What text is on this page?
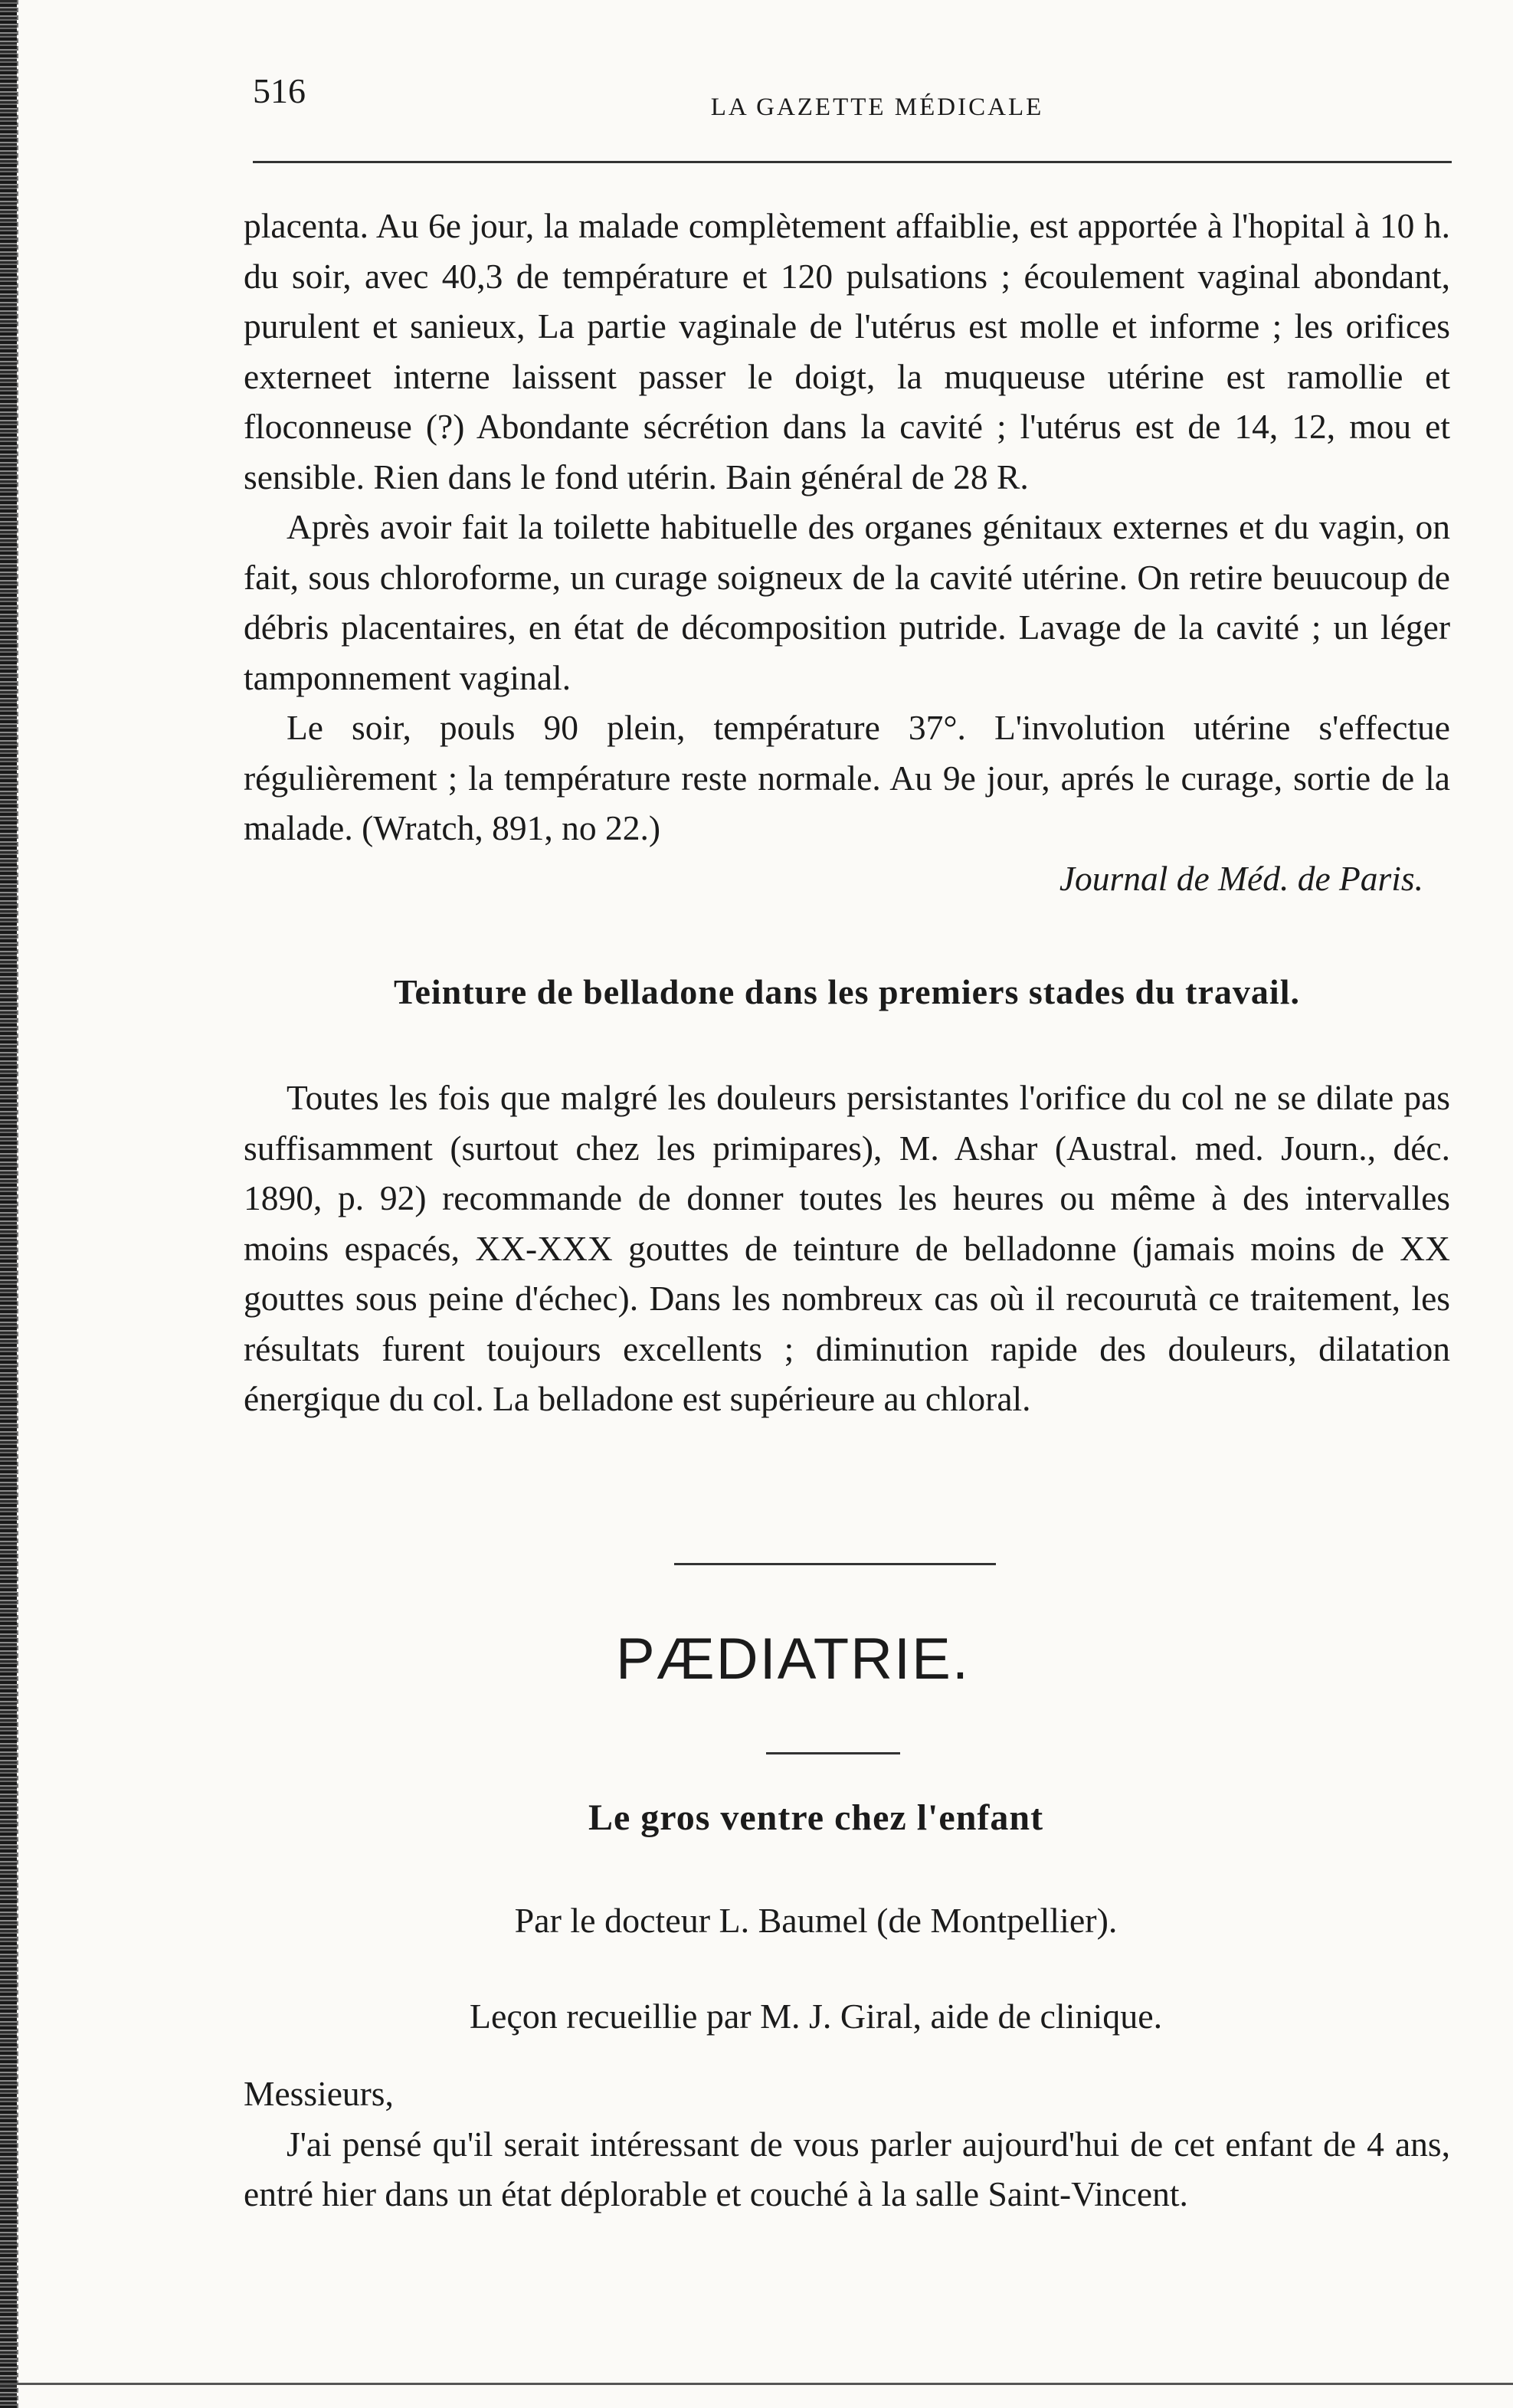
516	LA GAZETTE MÉDICALE

placenta. Au 6e jour, la malade complètement affaiblie, est apportée à l'hopital à 10 h. du soir, avec 40,3 de température et 120 pulsations ; écoulement vaginal abondant, purulent et sanieux, La partie vaginale de l'utérus est molle et informe ; les orifices externeet interne laissent passer le doigt, la muqueuse utérine est ramollie et floconneuse (?) Abondante sécrétion dans la cavité ; l'utérus est de 14, 12, mou et sensible. Rien dans le fond utérin. Bain général de 28 R.

Après avoir fait la toilette habituelle des organes génitaux externes et du vagin, on fait, sous chloroforme, un curage soigneux de la cavité utérine. On retire beuucoup de débris placentaires, en état de décomposition putride. Lavage de la cavité ; un léger tamponnement vaginal.

Le soir, pouls 90 plein, température 37°. L'involution utérine s'effectue régulièrement ; la température reste normale. Au 9e jour, aprés le curage, sortie de la malade. (Wratch, 891, no 22.)

Journal de Méd. de Paris.

Teinture de belladone dans les premiers stades du travail.

Toutes les fois que malgré les douleurs persistantes l'orifice du col ne se dilate pas suffisamment (surtout chez les primipares), M. Ashar (Austral. med. Journ., déc. 1890, p. 92) recommande de donner toutes les heures ou même à des intervalles moins espacés, XX-XXX gouttes de teinture de belladonne (jamais moins de XX gouttes sous peine d'échec). Dans les nombreux cas où il recourutà ce traitement, les résultats furent toujours excellents ; diminution rapide des douleurs, dilatation énergique du col. La belladone est supérieure au chloral.

PÆDIATRIE.
Le gros ventre chez l'enfant
Par le docteur L. Baumel (de Montpellier).
Leçon recueillie par M. J. Giral, aide de clinique.

Messieurs,

J'ai pensé qu'il serait intéressant de vous parler aujourd'hui de cet enfant de 4 ans, entré hier dans un état déplorable et couché à la salle Saint-Vincent.
